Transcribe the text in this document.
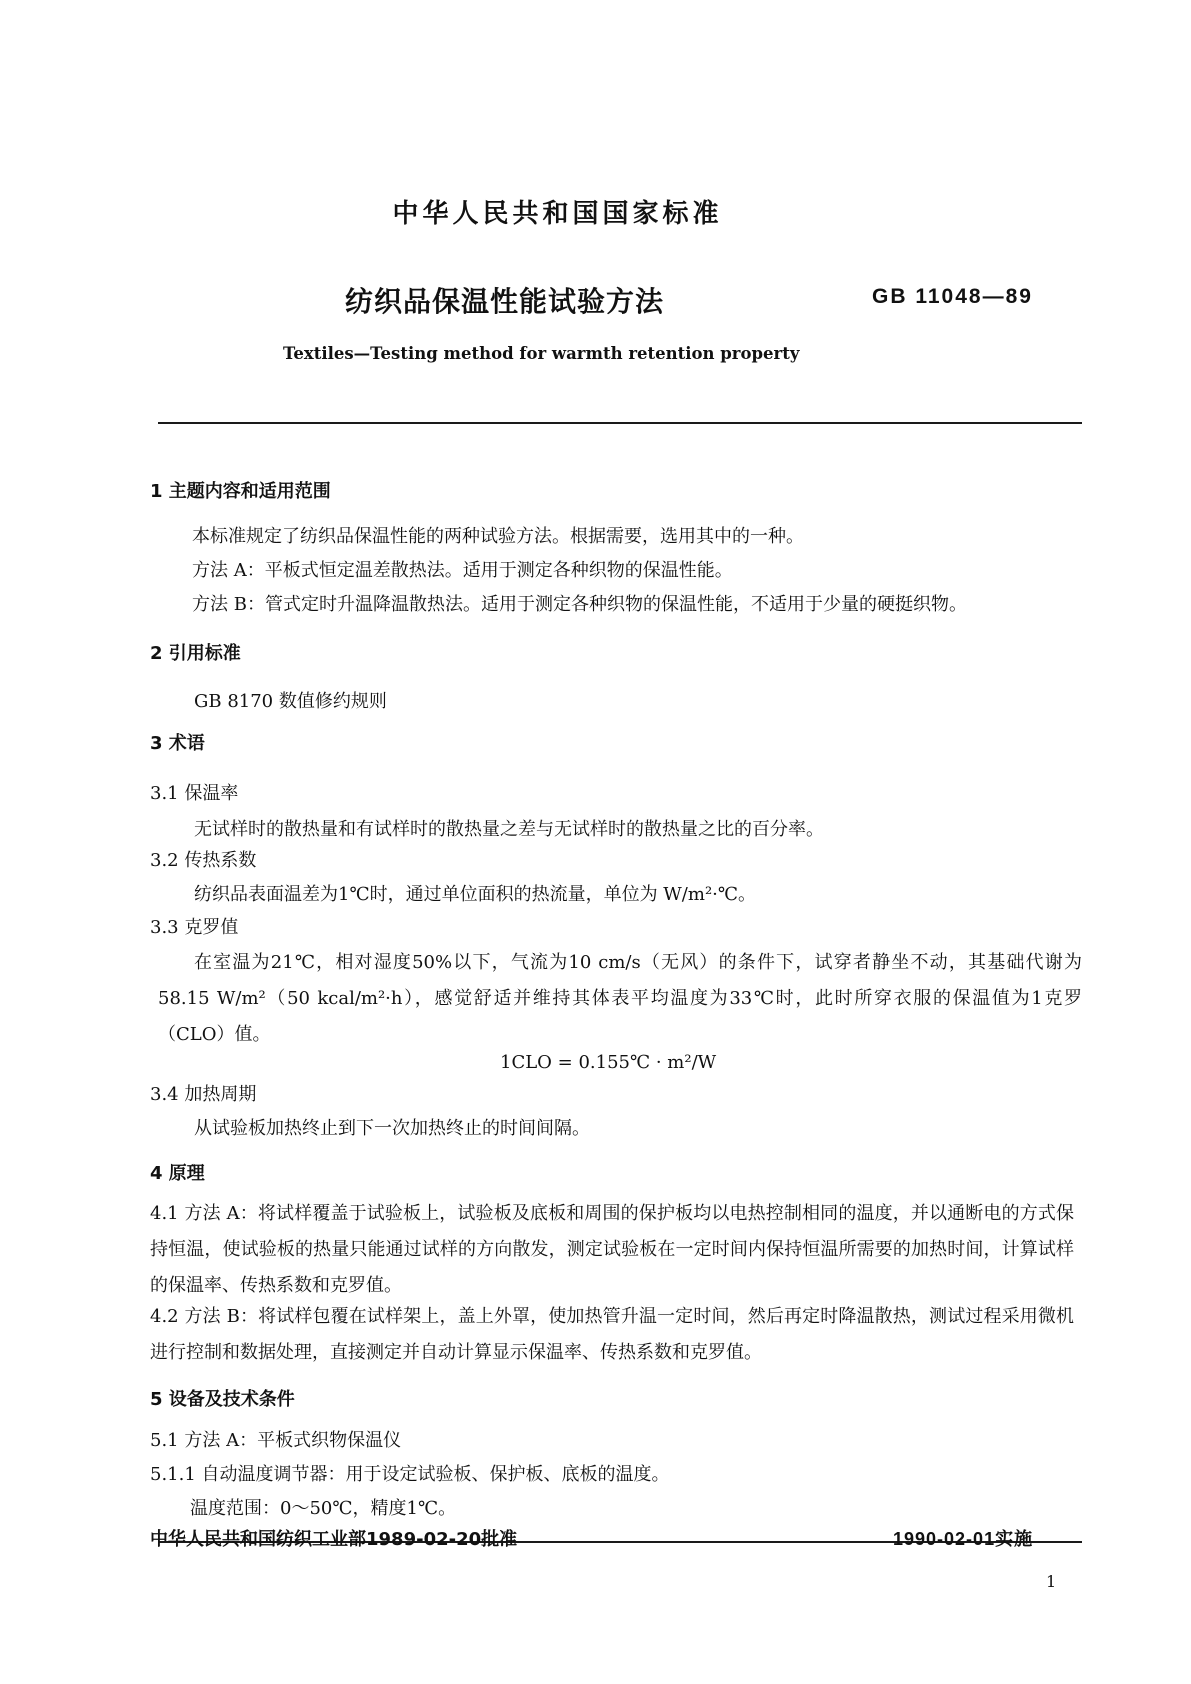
中华人民共和国国家标准
纺织品保温性能试验方法	GB 11048—89
Textiles—Testing method for warmth retention property
1 主题内容和适用范围
本标准规定了纺织品保温性能的两种试验方法。根据需要，选用其中的一种。
方法 A：平板式恒定温差散热法。适用于测定各种织物的保温性能。
方法 B：管式定时升温降温散热法。适用于测定各种织物的保温性能，不适用于少量的硬挺织物。
2 引用标准
GB 8170 数值修约规则
3 术语
3.1 保温率
无试样时的散热量和有试样时的散热量之差与无试样时的散热量之比的百分率。
3.2 传热系数
纺织品表面温差为1℃时，通过单位面积的热流量，单位为 W/m²·℃。
3.3 克罗值
在室温为21℃，相对湿度50%以下，气流为10 cm/s（无风）的条件下，试穿者静坐不动，其基础代谢为58.15 W/m²（50 kcal/m²·h），感觉舒适并维持其体表平均温度为33℃时，此时所穿衣服的保温值为1克罗（CLO）值。
1CLO = 0.155℃ · m²/W
3.4 加热周期
从试验板加热终止到下一次加热终止的时间间隔。
4 原理
4.1 方法 A：将试样覆盖于试验板上，试验板及底板和周围的保护板均以电热控制相同的温度，并以通断电的方式保持恒温，使试验板的热量只能通过试样的方向散发，测定试验板在一定时间内保持恒温所需要的加热时间，计算试样的保温率、传热系数和克罗值。
4.2 方法 B：将试样包覆在试样架上，盖上外罩，使加热管升温一定时间，然后再定时降温散热，测试过程采用微机进行控制和数据处理，直接测定并自动计算显示保温率、传热系数和克罗值。
5 设备及技术条件
5.1 方法 A：平板式织物保温仪
5.1.1 自动温度调节器：用于设定试验板、保护板、底板的温度。
温度范围：0～50℃，精度1℃。
中华人民共和国纺织工业部1989-02-20批准	1990-02-01实施
1
